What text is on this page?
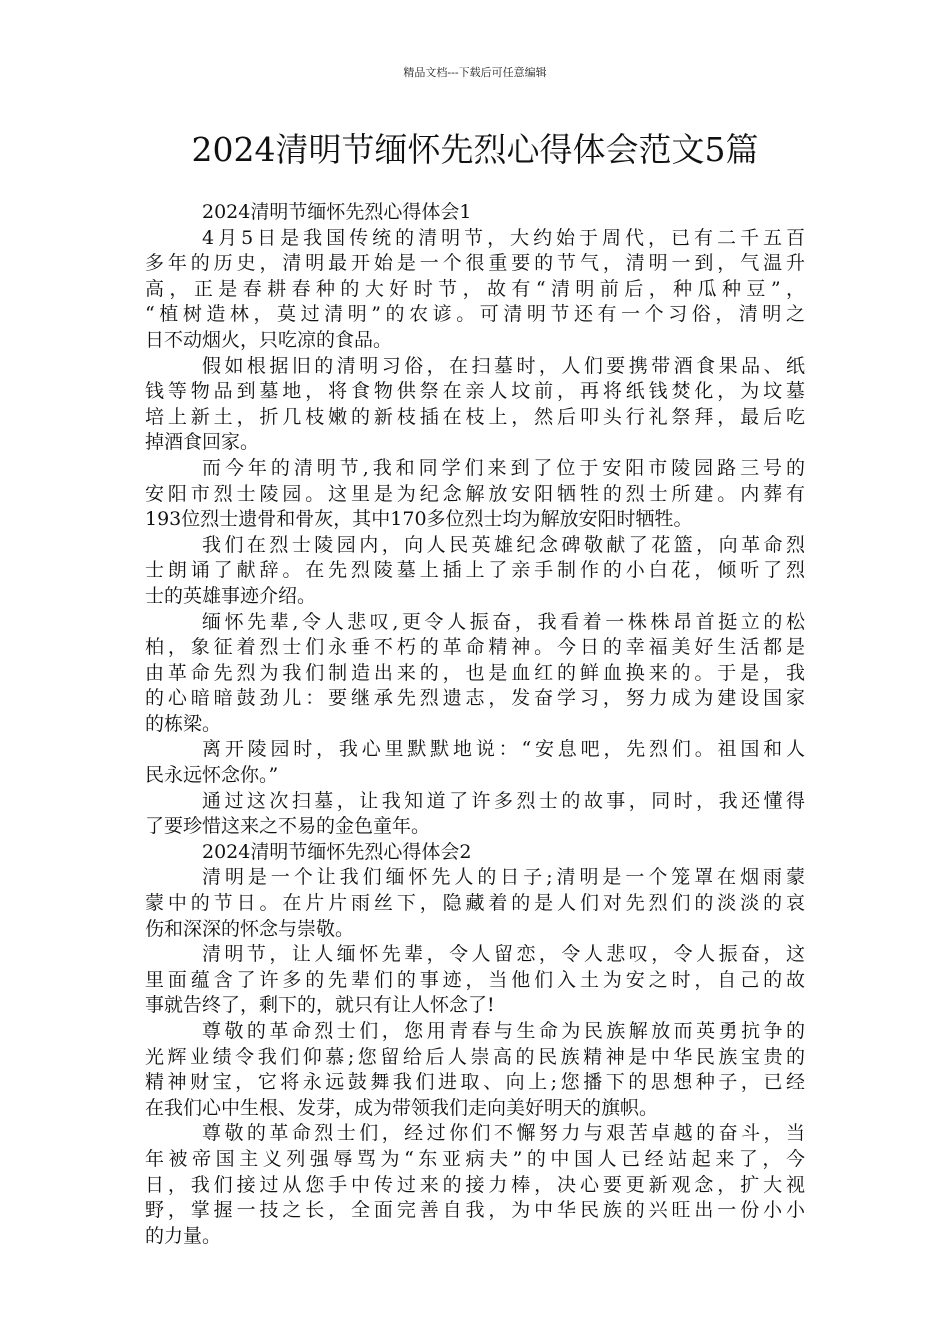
精品文档---下载后可任意编辑
2024清明节缅怀先烈心得体会范文5篇
2024清明节缅怀先烈心得体会1
4月5日是我国传统的清明节，大约始于周代，已有二千五百
多年的历史，清明最开始是一个很重要的节气，清明一到，气温升
高，正是春耕春种的大好时节，故有“清明前后，种瓜种豆”，
“植树造林，莫过清明”的农谚。可清明节还有一个习俗，清明之
日不动烟火，只吃凉的食品。
假如根据旧的清明习俗，在扫墓时，人们要携带酒食果品、纸
钱等物品到墓地，将食物供祭在亲人坟前，再将纸钱焚化，为坟墓
培上新土，折几枝嫩的新枝插在枝上，然后叩头行礼祭拜，最后吃
掉酒食回家。
而今年的清明节,我和同学们来到了位于安阳市陵园路三号的
安阳市烈士陵园。这里是为纪念解放安阳牺牲的烈士所建。内葬有
193位烈士遗骨和骨灰，其中170多位烈士均为解放安阳时牺牲。
我们在烈士陵园内，向人民英雄纪念碑敬献了花篮，向革命烈
士朗诵了献辞。在先烈陵墓上插上了亲手制作的小白花，倾听了烈
士的英雄事迹介绍。
缅怀先辈,令人悲叹,更令人振奋，我看着一株株昂首挺立的松
柏，象征着烈士们永垂不朽的革命精神。今日的幸福美好生活都是
由革命先烈为我们制造出来的，也是血红的鲜血换来的。于是，我
的心暗暗鼓劲儿：要继承先烈遗志，发奋学习，努力成为建设国家
的栋梁。
离开陵园时，我心里默默地说：“安息吧，先烈们。祖国和人
民永远怀念你。”
通过这次扫墓，让我知道了许多烈士的故事，同时，我还懂得
了要珍惜这来之不易的金色童年。
2024清明节缅怀先烈心得体会2
清明是一个让我们缅怀先人的日子;清明是一个笼罩在烟雨蒙
蒙中的节日。在片片雨丝下，隐藏着的是人们对先烈们的淡淡的哀
伤和深深的怀念与崇敬。
清明节，让人缅怀先辈，令人留恋，令人悲叹，令人振奋，这
里面蕴含了许多的先辈们的事迹，当他们入土为安之时，自己的故
事就告终了，剩下的，就只有让人怀念了!
尊敬的革命烈士们，您用青春与生命为民族解放而英勇抗争的
光辉业绩令我们仰慕;您留给后人崇高的民族精神是中华民族宝贵的
精神财宝，它将永远鼓舞我们进取、向上;您播下的思想种子，已经
在我们心中生根、发芽，成为带领我们走向美好明天的旗帜。
尊敬的革命烈士们，经过你们不懈努力与艰苦卓越的奋斗，当
年被帝国主义列强辱骂为“东亚病夫”的中国人已经站起来了，今
日，我们接过从您手中传过来的接力棒，决心要更新观念，扩大视
野，掌握一技之长，全面完善自我，为中华民族的兴旺出一份小小
的力量。
